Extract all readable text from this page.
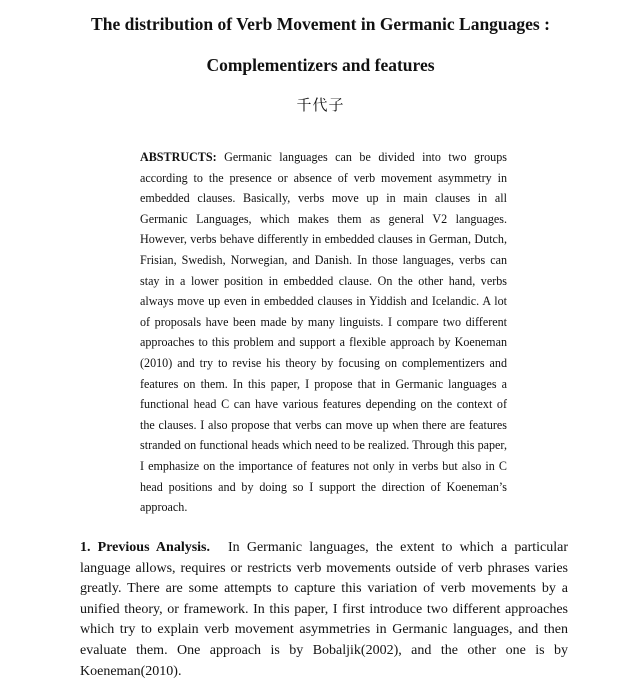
The distribution of Verb Movement in Germanic Languages :
Complementizers and features
千代子

ABSTRUCTS: Germanic languages can be divided into two groups according to the presence or absence of verb movement asymmetry in embedded clauses. Basically, verbs move up in main clauses in all Germanic Languages, which makes them as general V2 languages. However, verbs behave differently in embedded clauses in German, Dutch, Frisian, Swedish, Norwegian, and Danish. In those languages, verbs can stay in a lower position in embedded clause. On the other hand, verbs always move up even in embedded clauses in Yiddish and Icelandic. A lot of proposals have been made by many linguists. I compare two different approaches to this problem and support a flexible approach by Koeneman (2010) and try to revise his theory by focusing on complementizers and features on them. In this paper, I propose that in Germanic languages a functional head C can have various features depending on the context of the clauses. I also propose that verbs can move up when there are features stranded on functional heads which need to be realized. Through this paper, I emphasize on the importance of features not only in verbs but also in C head positions and by doing so I support the direction of Koeneman’s approach.

1. Previous Analysis. In Germanic languages, the extent to which a particular language allows, requires or restricts verb movements outside of verb phrases varies greatly. There are some attempts to capture this variation of verb movements by a unified theory, or framework. In this paper, I first introduce two different approaches which try to explain verb movement asymmetries in Germanic languages, and then evaluate them. One approach is by Bobaljik(2002), and the other one is by Koeneman(2010).
